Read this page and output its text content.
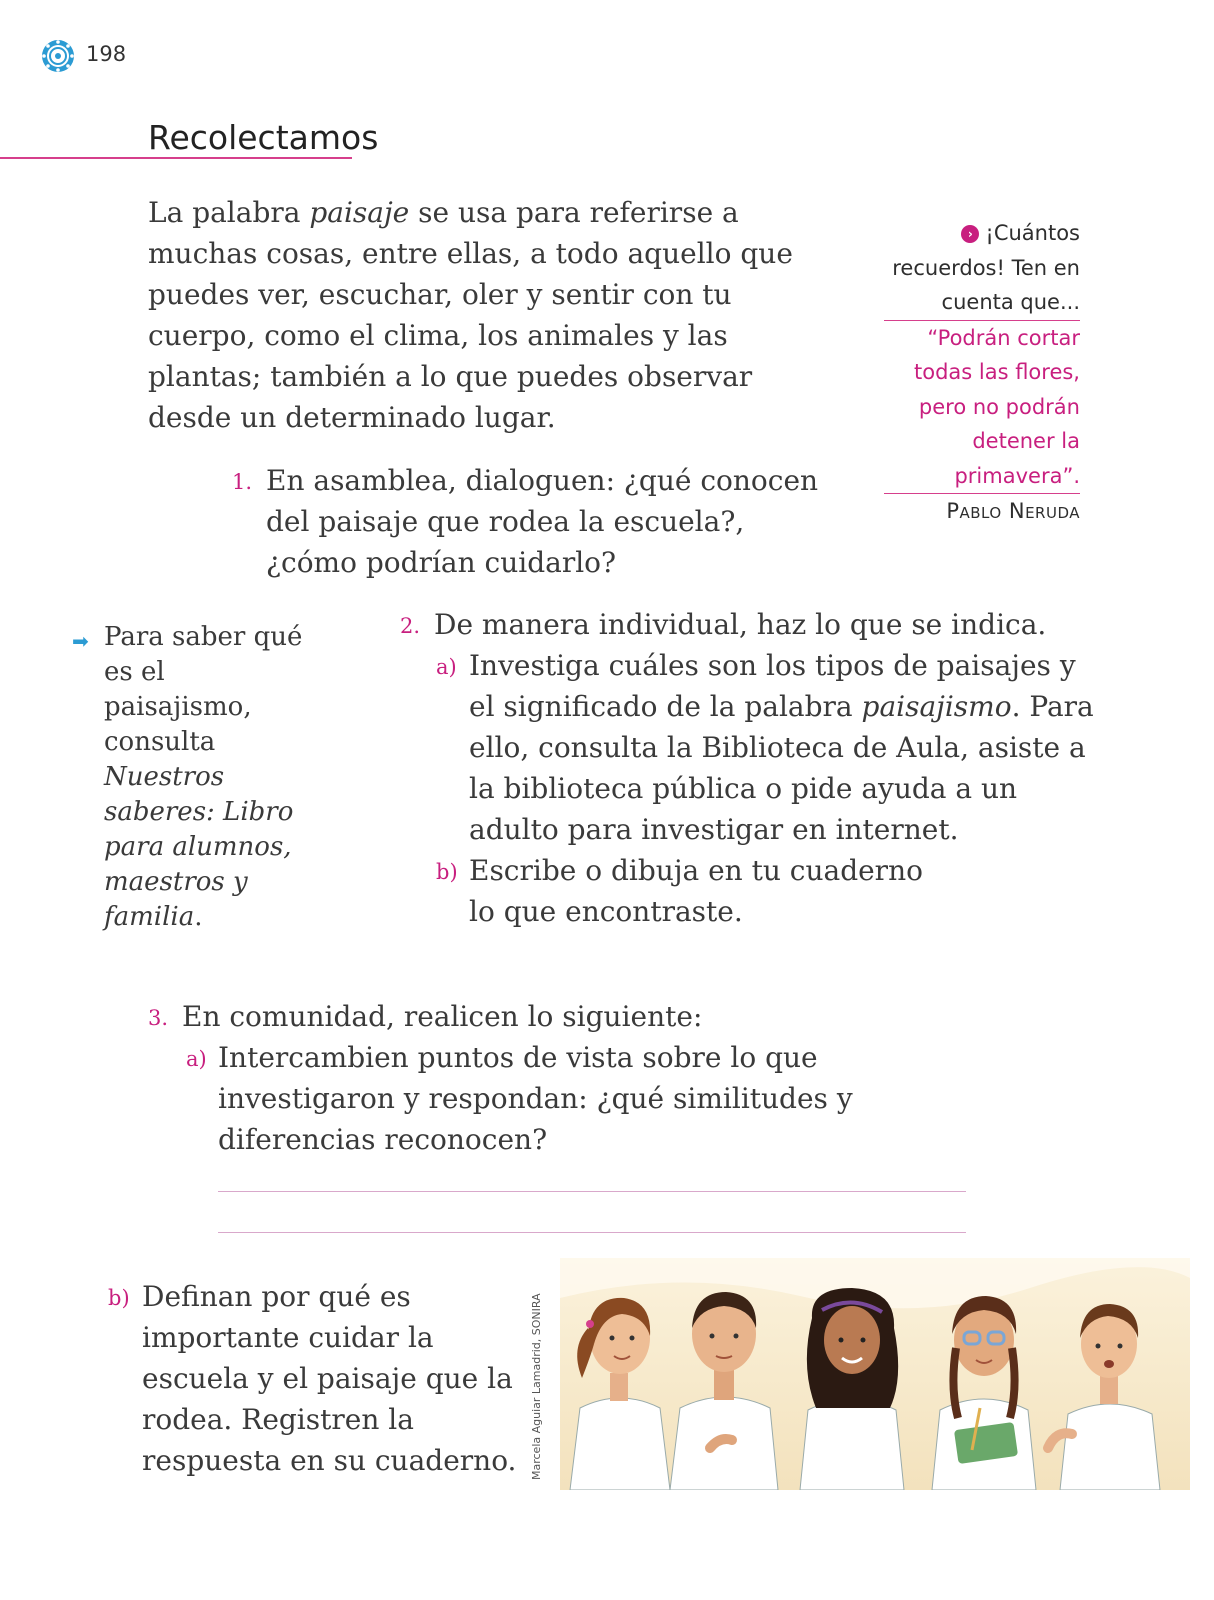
198
Recolectamos
La palabra paisaje se usa para referirse a muchas cosas, entre ellas, a todo aquello que puedes ver, escuchar, oler y sentir con tu cuerpo, como el clima, los animales y las plantas; también a lo que puedes observar desde un determinado lugar.
› ¡Cuántos recuerdos! Ten en cuenta que...
“Podrán cortar todas las flores, pero no podrán detener la primavera”.
Pablo Neruda
1. En asamblea, dialoguen: ¿qué conocen del paisaje que rodea la escuela?, ¿cómo podrían cuidarlo?
➡ Para saber qué es el paisajismo, consulta Nuestros saberes: Libro para alumnos, maestros y familia.
2. De manera individual, haz lo que se indica.
a) Investiga cuáles son los tipos de paisajes y el significado de la palabra paisajismo. Para ello, consulta la Biblioteca de Aula, asiste a la biblioteca pública o pide ayuda a un adulto para investigar en internet.
b) Escribe o dibuja en tu cuaderno lo que encontraste.
3. En comunidad, realicen lo siguiente:
a) Intercambien puntos de vista sobre lo que investigaron y respondan: ¿qué similitudes y diferencias reconocen?
b) Definan por qué es importante cuidar la escuela y el paisaje que la rodea. Registren la respuesta en su cuaderno.	Marcela Aguiar Lamadrid, SONIRA
